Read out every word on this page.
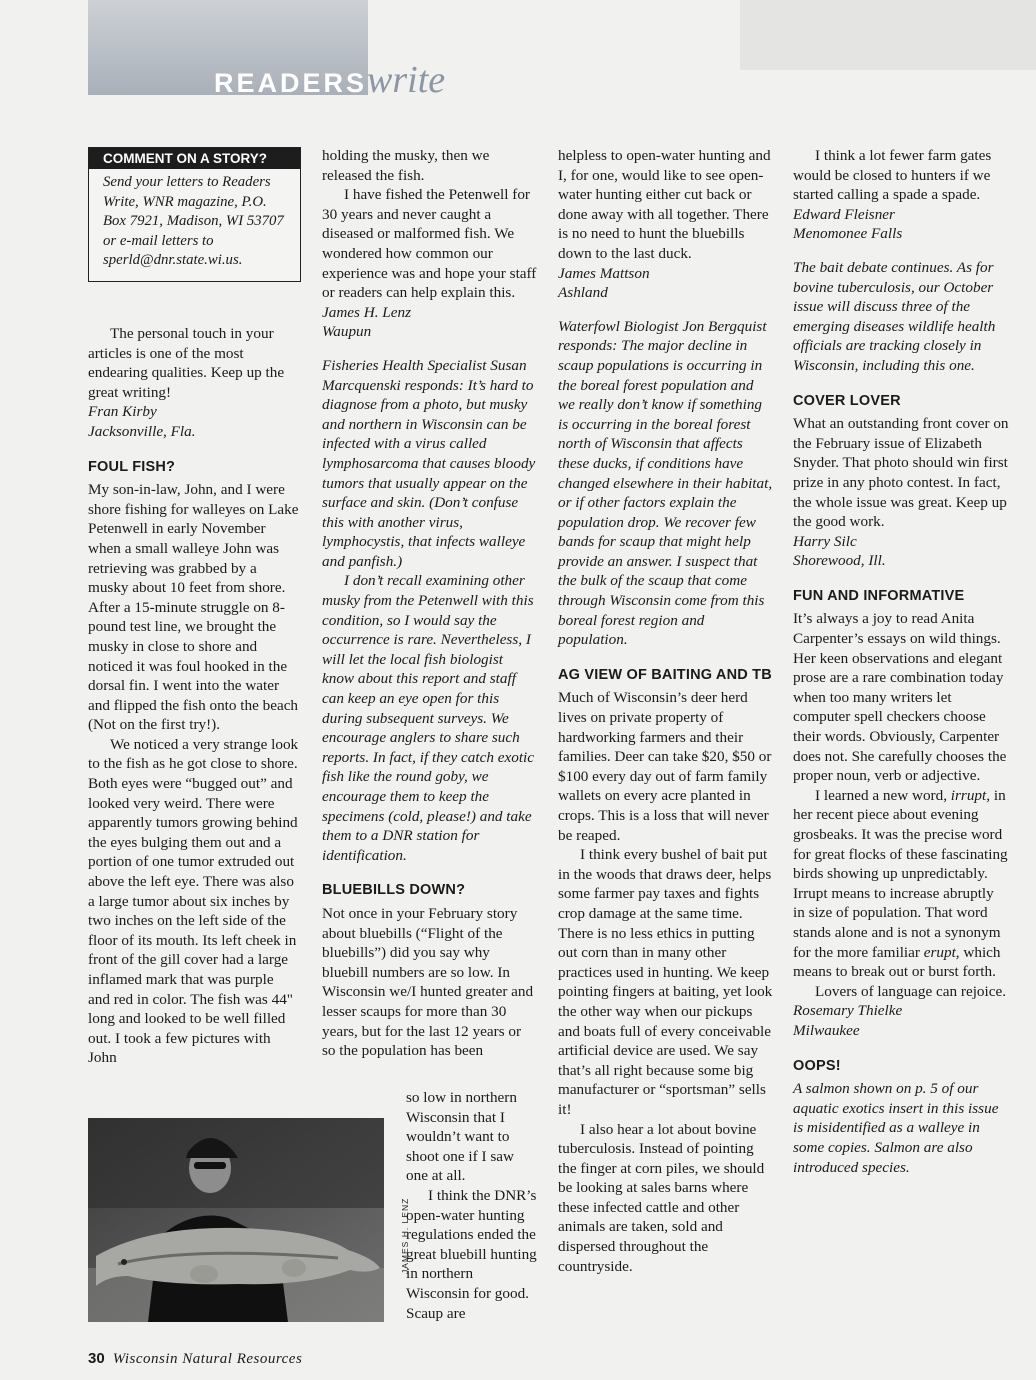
READERSwrite
COMMENT ON A STORY?
Send your letters to Readers Write, WNR magazine, P.O. Box 7921, Madison, WI 53707 or e-mail letters to sperld@dnr.state.wi.us.

The personal touch in your articles is one of the most endearing qualities. Keep up the great writing!

Fran Kirby

Jacksonville, Fla.

FOUL FISH?

My son-in-law, John, and I were shore fishing for walleyes on Lake Petenwell in early November when a small walleye John was retrieving was grabbed by a musky about 10 feet from shore. After a 15-minute struggle on 8-pound test line, we brought the musky in close to shore and noticed it was foul hooked in the dorsal fin. I went into the water and flipped the fish onto the beach (Not on the first try!).

We noticed a very strange look to the fish as he got close to shore. Both eyes were “bugged out” and looked very weird. There were apparently tumors growing behind the eyes bulging them out and a portion of one tumor extruded out above the left eye. There was also a large tumor about six inches by two inches on the left side of the floor of its mouth. Its left cheek in front of the gill cover had a large inflamed mark that was purple and red in color. The fish was 44" long and looked to be well filled out. I took a few pictures with John

holding the musky, then we released the fish.

I have fished the Petenwell for 30 years and never caught a diseased or malformed fish. We wondered how common our experience was and hope your staff or readers can help explain this.

James H. Lenz

Waupun

Fisheries Health Specialist Susan Marcquenski responds: It’s hard to diagnose from a photo, but musky and northern in Wisconsin can be infected with a virus called lymphosarcoma that causes bloody tumors that usually appear on the surface and skin. (Don’t confuse this with another virus, lymphocystis, that infects walleye and panfish.)

I don’t recall examining other musky from the Petenwell with this condition, so I would say the occurrence is rare. Nevertheless, I will let the local fish biologist know about this report and staff can keep an eye open for this during subsequent surveys. We encourage anglers to share such reports. In fact, if they catch exotic fish like the round goby, we encourage them to keep the specimens (cold, please!) and take them to a DNR station for identification.

BLUEBILLS DOWN?

Not once in your February story about bluebills (“Flight of the bluebills”) did you say why bluebill numbers are so low. In Wisconsin we/I hunted greater and lesser scaups for more than 30 years, but for the last 12 years or so the population has been

so low in northern Wisconsin that I wouldn’t want to shoot one if I saw one at all.

I think the DNR’s open-water hunting regulations ended the great bluebill hunting in northern Wisconsin for good. Scaup are

JAMES H. LENZ

helpless to open-water hunting and I, for one, would like to see open-water hunting either cut back or done away with all together. There is no need to hunt the bluebills down to the last duck.

James Mattson

Ashland

Waterfowl Biologist Jon Bergquist responds: The major decline in scaup populations is occurring in the boreal forest population and we really don’t know if something is occurring in the boreal forest north of Wisconsin that affects these ducks, if conditions have changed elsewhere in their habitat, or if other factors explain the population drop. We recover few bands for scaup that might help provide an answer. I suspect that the bulk of the scaup that come through Wisconsin come from this boreal forest region and population.

AG VIEW OF BAITING AND TB

Much of Wisconsin’s deer herd lives on private property of hardworking farmers and their families. Deer can take $20, $50 or $100 every day out of farm family wallets on every acre planted in crops. This is a loss that will never be reaped.

I think every bushel of bait put in the woods that draws deer, helps some farmer pay taxes and fights crop damage at the same time. There is no less ethics in putting out corn than in many other practices used in hunting. We keep pointing fingers at baiting, yet look the other way when our pickups and boats full of every conceivable artificial device are used. We say that’s all right because some big manufacturer or “sportsman” sells it!

I also hear a lot about bovine tuberculosis. Instead of pointing the finger at corn piles, we should be looking at sales barns where these infected cattle and other animals are taken, sold and dispersed throughout the countryside.

I think a lot fewer farm gates would be closed to hunters if we started calling a spade a spade.

Edward Fleisner

Menomonee Falls

The bait debate continues. As for bovine tuberculosis, our October issue will discuss three of the emerging diseases wildlife health officials are tracking closely in Wisconsin, including this one.

COVER LOVER

What an outstanding front cover on the February issue of Elizabeth Snyder. That photo should win first prize in any photo contest. In fact, the whole issue was great. Keep up the good work.

Harry Silc

Shorewood, Ill.

FUN AND INFORMATIVE

It’s always a joy to read Anita Carpenter’s essays on wild things. Her keen observations and elegant prose are a rare combination today when too many writers let computer spell checkers choose their words. Obviously, Carpenter does not. She carefully chooses the proper noun, verb or adjective.

I learned a new word, irrupt, in her recent piece about evening grosbeaks. It was the precise word for great flocks of these fascinating birds showing up unpredictably. Irrupt means to increase abruptly in size of population. That word stands alone and is not a synonym for the more familiar erupt, which means to break out or burst forth.

Lovers of language can rejoice.

Rosemary Thielke

Milwaukee

OOPS!

A salmon shown on p. 5 of our aquatic exotics insert in this issue is misidentified as a walleye in some copies. Salmon are also introduced species.

30 Wisconsin Natural Resources
